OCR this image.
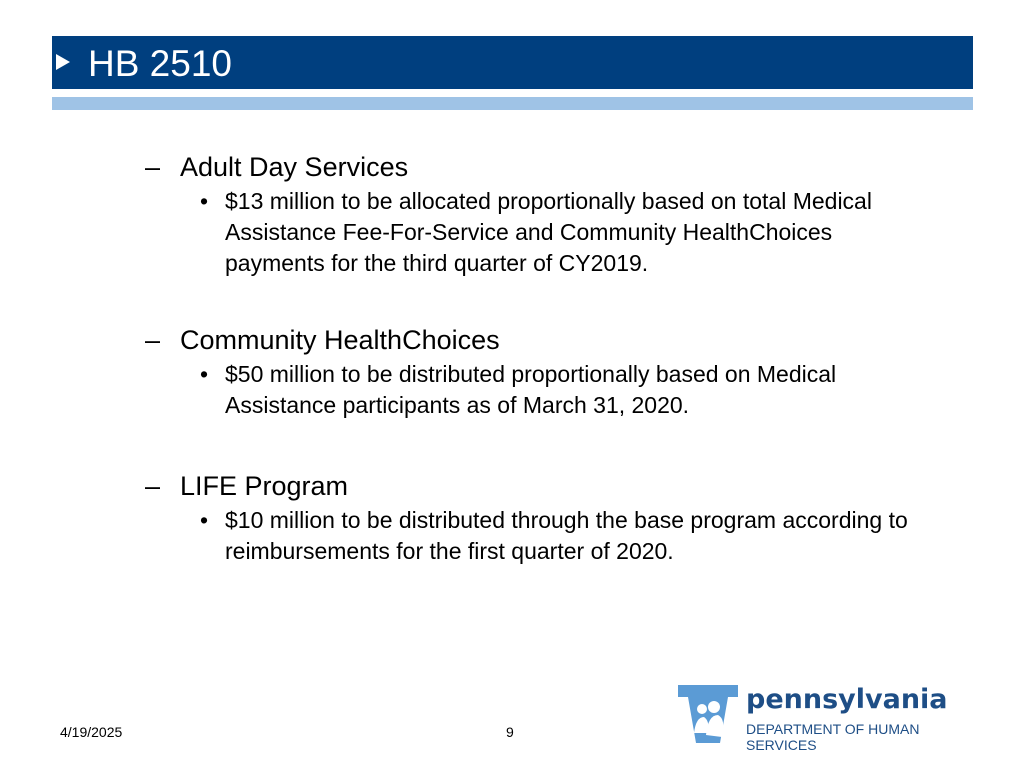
HB 2510
– Adult Day Services
• $13 million to be allocated proportionally based on total Medical Assistance Fee-For-Service and Community HealthChoices payments for the third quarter of CY2019.
– Community HealthChoices
• $50 million to be distributed proportionally based on Medical Assistance participants as of March 31, 2020.
– LIFE Program
• $10 million to be distributed through the base program according to reimbursements for the first quarter of 2020.
4/19/2025	9
pennsylvania
DEPARTMENT OF HUMAN SERVICES
